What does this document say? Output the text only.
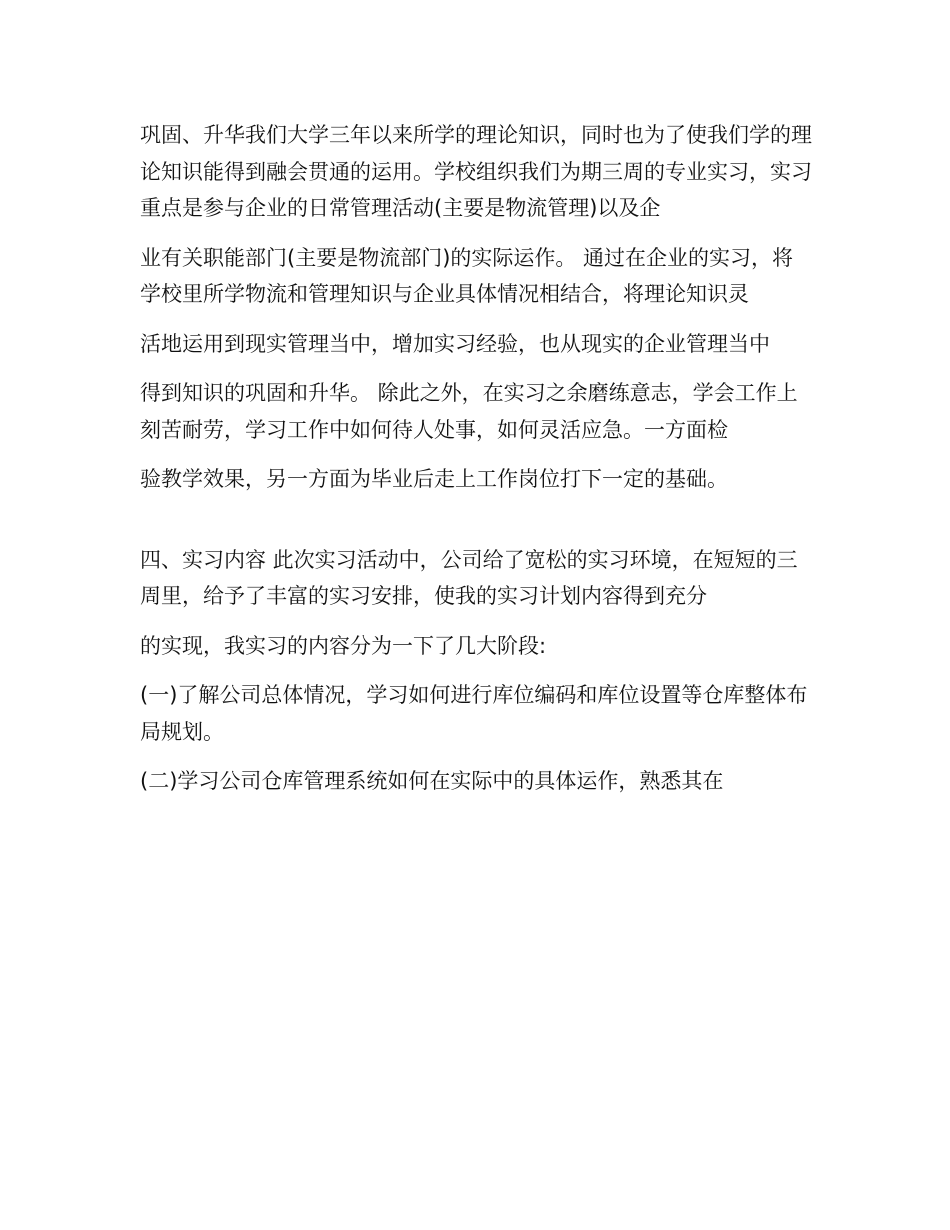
巩固、升华我们大学三年以来所学的理论知识，同时也为了使我们学的理论知识能得到融会贯通的运用。学校组织我们为期三周的专业实习，实习重点是参与企业的日常管理活动(主要是物流管理)以及企

业有关职能部门(主要是物流部门)的实际运作。 通过在企业的实习，将学校里所学物流和管理知识与企业具体情况相结合，将理论知识灵

活地运用到现实管理当中，增加实习经验，也从现实的企业管理当中

得到知识的巩固和升华。 除此之外，在实习之余磨练意志，学会工作上刻苦耐劳，学习工作中如何待人处事，如何灵活应急。一方面检

验教学效果，另一方面为毕业后走上工作岗位打下一定的基础。

四、实习内容 此次实习活动中，公司给了宽松的实习环境，在短短的三周里，给予了丰富的实习安排，使我的实习计划内容得到充分

的实现，我实习的内容分为一下了几大阶段:

(一)了解公司总体情况，学习如何进行库位编码和库位设置等仓库整体布局规划。

(二)学习公司仓库管理系统如何在实际中的具体运作，熟悉其在
